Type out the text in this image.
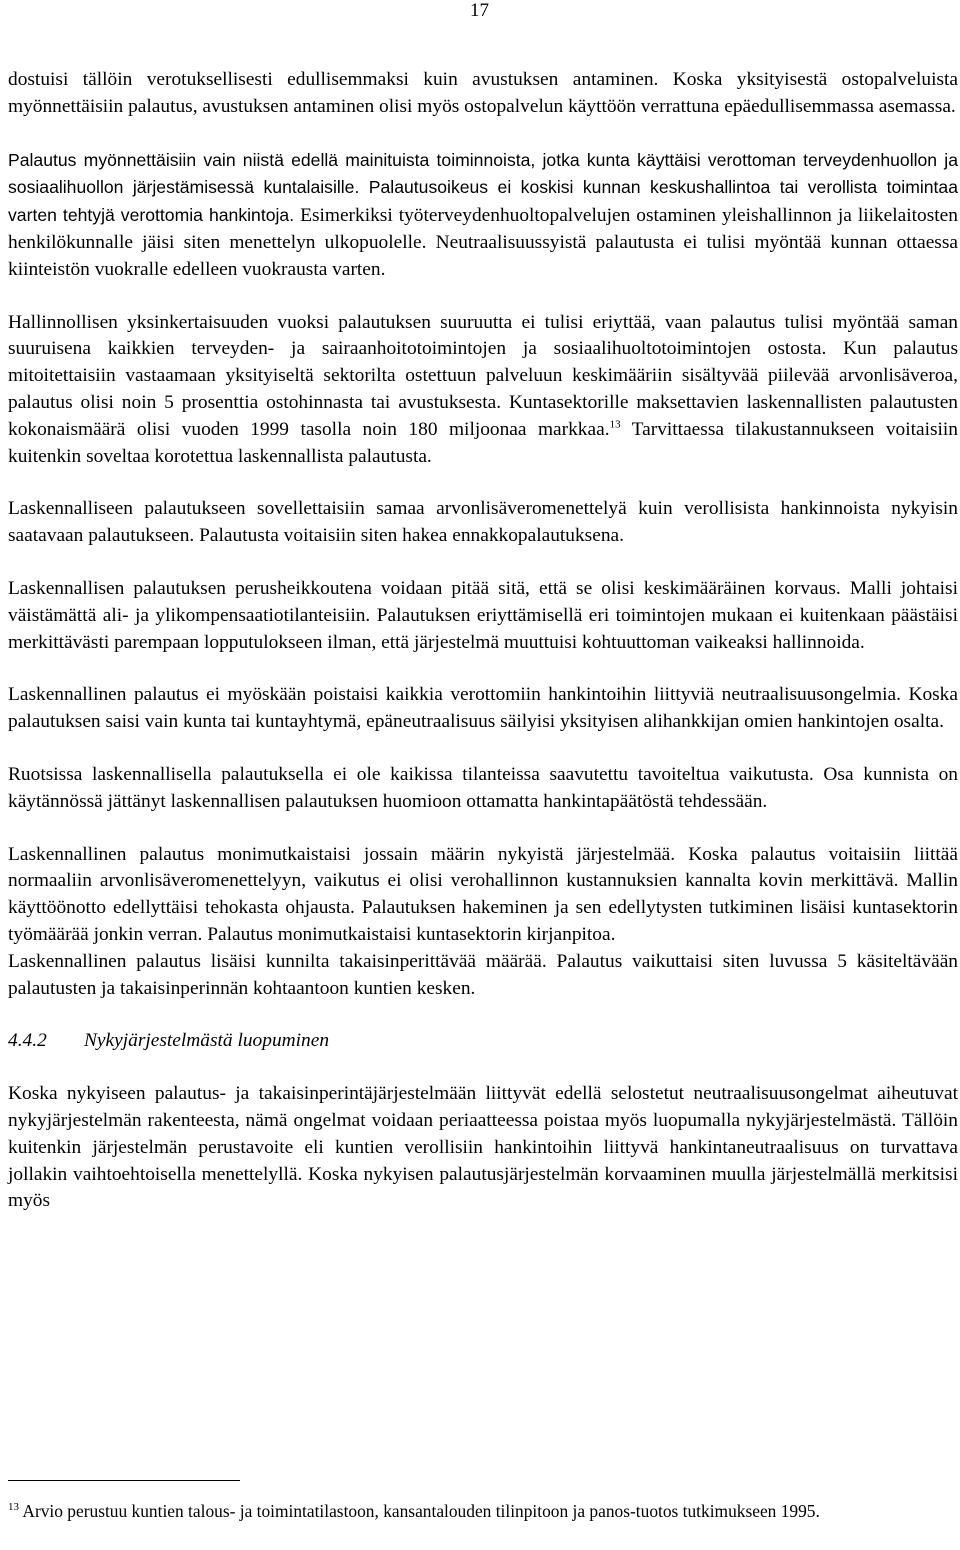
17

dostuisi tällöin verotuksellisesti edullisemmaksi kuin avustuksen antaminen. Koska yksityisestä ostopalveluista myönnettäisiin palautus, avustuksen antaminen olisi myös ostopalvelun käyttöön verrattuna epäedullisemmassa asemassa.

Palautus myönnettäisiin vain niistä edellä mainituista toiminnoista, jotka kunta käyttäisi verottoman terveydenhuollon ja sosiaalihuollon järjestämisessä kuntalaisille. Palautusoikeus ei koskisi kunnan keskushallintoa tai verollista toimintaa varten tehtyjä verottomia hankintoja. Esimerkiksi työterveydenhuoltopalvelujen ostaminen yleishallinnon ja liikelaitosten henkilökunnalle jäisi siten menettelyn ulkopuolelle. Neutraalisuussyistä palautusta ei tulisi myöntää kunnan ottaessa kiinteistön vuokralle edelleen vuokrausta varten.

Hallinnollisen yksinkertaisuuden vuoksi palautuksen suuruutta ei tulisi eriyttää, vaan palautus tulisi myöntää saman suuruisena kaikkien terveyden- ja sairaanhoitotoimintojen ja sosiaalihuoltotoimintojen ostosta. Kun palautus mitoitettaisiin vastaamaan yksityiseltä sektorilta ostettuun palveluun keskimääriin sisältyvää piilevää arvonlisäveroa, palautus olisi noin 5 prosenttia ostohinnasta tai avustuksesta. Kuntasektorille maksettavien laskennallisten palautusten kokonaismäärä olisi vuoden 1999 tasolla noin 180 miljoonaa markkaa.$^{13}$ Tarvittaessa tilakustannukseen voitaisiin kuitenkin soveltaa korotettua laskennallista palautusta.

Laskennalliseen palautukseen sovellettaisiin samaa arvonlisäveromenettelyä kuin verollisista hankinnoista nykyisin saatavaan palautukseen. Palautusta voitaisiin siten hakea ennakkopalautuksena.

Laskennallisen palautuksen perusheikkoutena voidaan pitää sitä, että se olisi keskimääräinen korvaus. Malli johtaisi väistämättä ali- ja ylikompensaatiotilanteisiin. Palautuksen eriyttämisellä eri toimintojen mukaan ei kuitenkaan päästäisi merkittävästi parempaan lopputulokseen ilman, että järjestelmä muuttuisi kohtuuttoman vaikeaksi hallinnoida.

Laskennallinen palautus ei myöskään poistaisi kaikkia verottomiin hankintoihin liittyviä neutraalisuusongelmia. Koska palautuksen saisi vain kunta tai kuntayhtymä, epäneutraalisuus säilyisi yksityisen alihankkijan omien hankintojen osalta.

Ruotsissa laskennallisella palautuksella ei ole kaikissa tilanteissa saavutettu tavoiteltua vaikutusta. Osa kunnista on käytännössä jättänyt laskennallisen palautuksen huomioon ottamatta hankintapäätöstä tehdessään.

Laskennallinen palautus monimutkaistaisi jossain määrin nykyistä järjestelmää. Koska palautus voitaisiin liittää normaaliin arvonlisäveromenettelyyn, vaikutus ei olisi verohallinnon kustannuksien kannalta kovin merkittävä. Mallin käyttöönotto edellyttäisi tehokasta ohjausta. Palautuksen hakeminen ja sen edellytysten tutkiminen lisäisi kuntasektorin työmäärää jonkin verran. Palautus monimutkaistaisi kuntasektorin kirjanpitoa.

Laskennallinen palautus lisäisi kunnilta takaisinperittävää määrää. Palautus vaikuttaisi siten luvussa 5 käsiteltävään palautusten ja takaisinperinnän kohtaantoon kuntien kesken.

4.4.2 Nykyjärjestelmästä luopuminen

Koska nykyiseen palautus- ja takaisinperintäjärjestelmään liittyvät edellä selostetut neutraalisuusongelmat aiheutuvat nykyjärjestelmän rakenteesta, nämä ongelmat voidaan periaatteessa poistaa myös luopumalla nykyjärjestelmästä. Tällöin kuitenkin järjestelmän perustavoite eli kuntien verollisiin hankintoihin liittyvä hankintaneutraalisuus on turvattava jollakin vaihtoehtoisella menettelyllä. Koska nykyisen palautusjärjestelmän korvaaminen muulla järjestelmällä merkitsisi myös

$^{13}$ Arvio perustuu kuntien talous- ja toimintatilastoon, kansantalouden tilinpitoon ja panos-tuotos tutkimukseen 1995.
